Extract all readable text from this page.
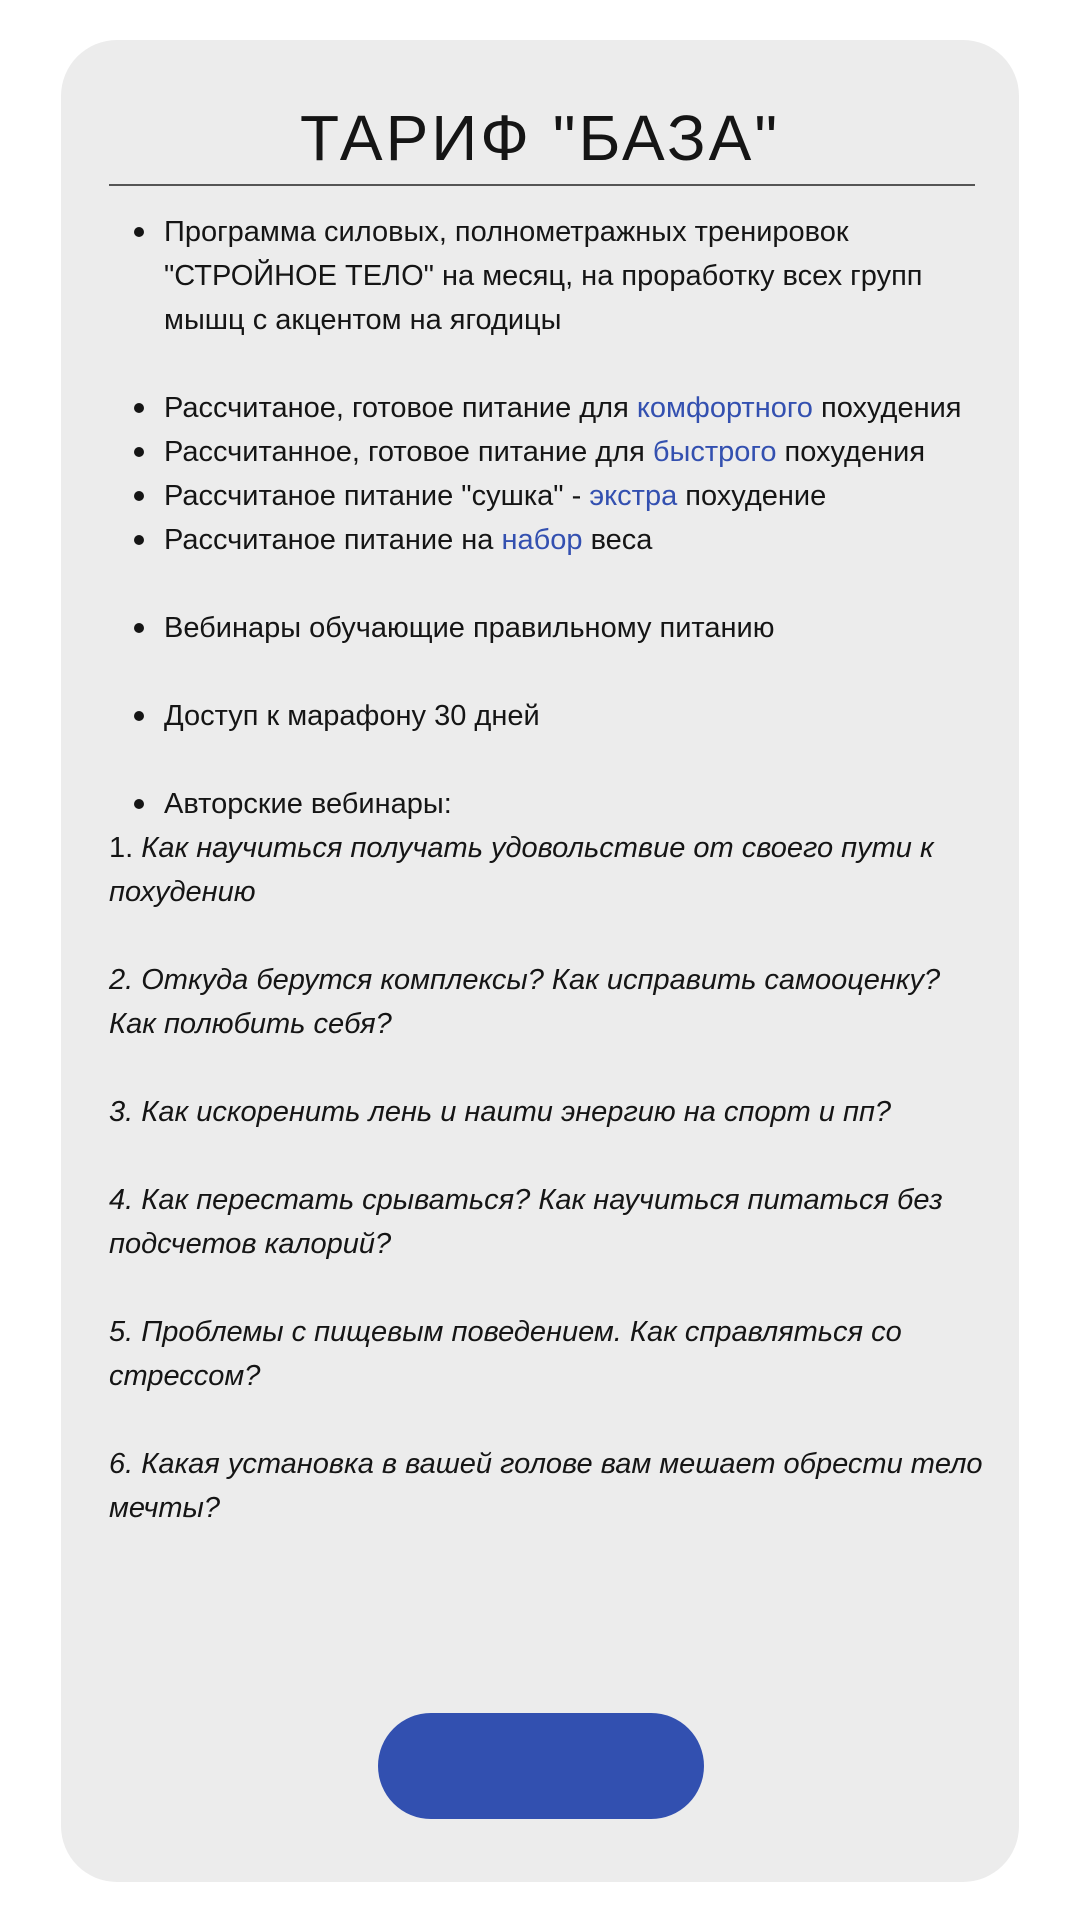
ТАРИФ "БАЗА"
Программа силовых, полнометражных тренировок "СТРОЙНОЕ ТЕЛО" на месяц, на проработку всех групп мышц с акцентом на ягодицы
Рассчитаное, готовое питание для комфортного похудения
Рассчитанное, готовое питание для быстрого похудения
Рассчитаное питание "сушка" - экстра похудение
Рассчитаное питание на набор веса
Вебинары обучающие правильному питанию
Доступ к марафону 30 дней
Авторские вебинары:

1. Как научиться получать удовольствие от своего пути к похудению

2. Откуда берутся комплексы? Как исправить самооценку? Как полюбить себя?

3. Как искоренить лень и наити энергию на спорт и пп?

4. Как перестать срываться? Как научиться питаться без подсчетов калорий?

5. Проблемы с пищевым поведением. Как справляться со стрессом?

6. Какая установка в вашей голове вам мешает обрести тело мечты?
